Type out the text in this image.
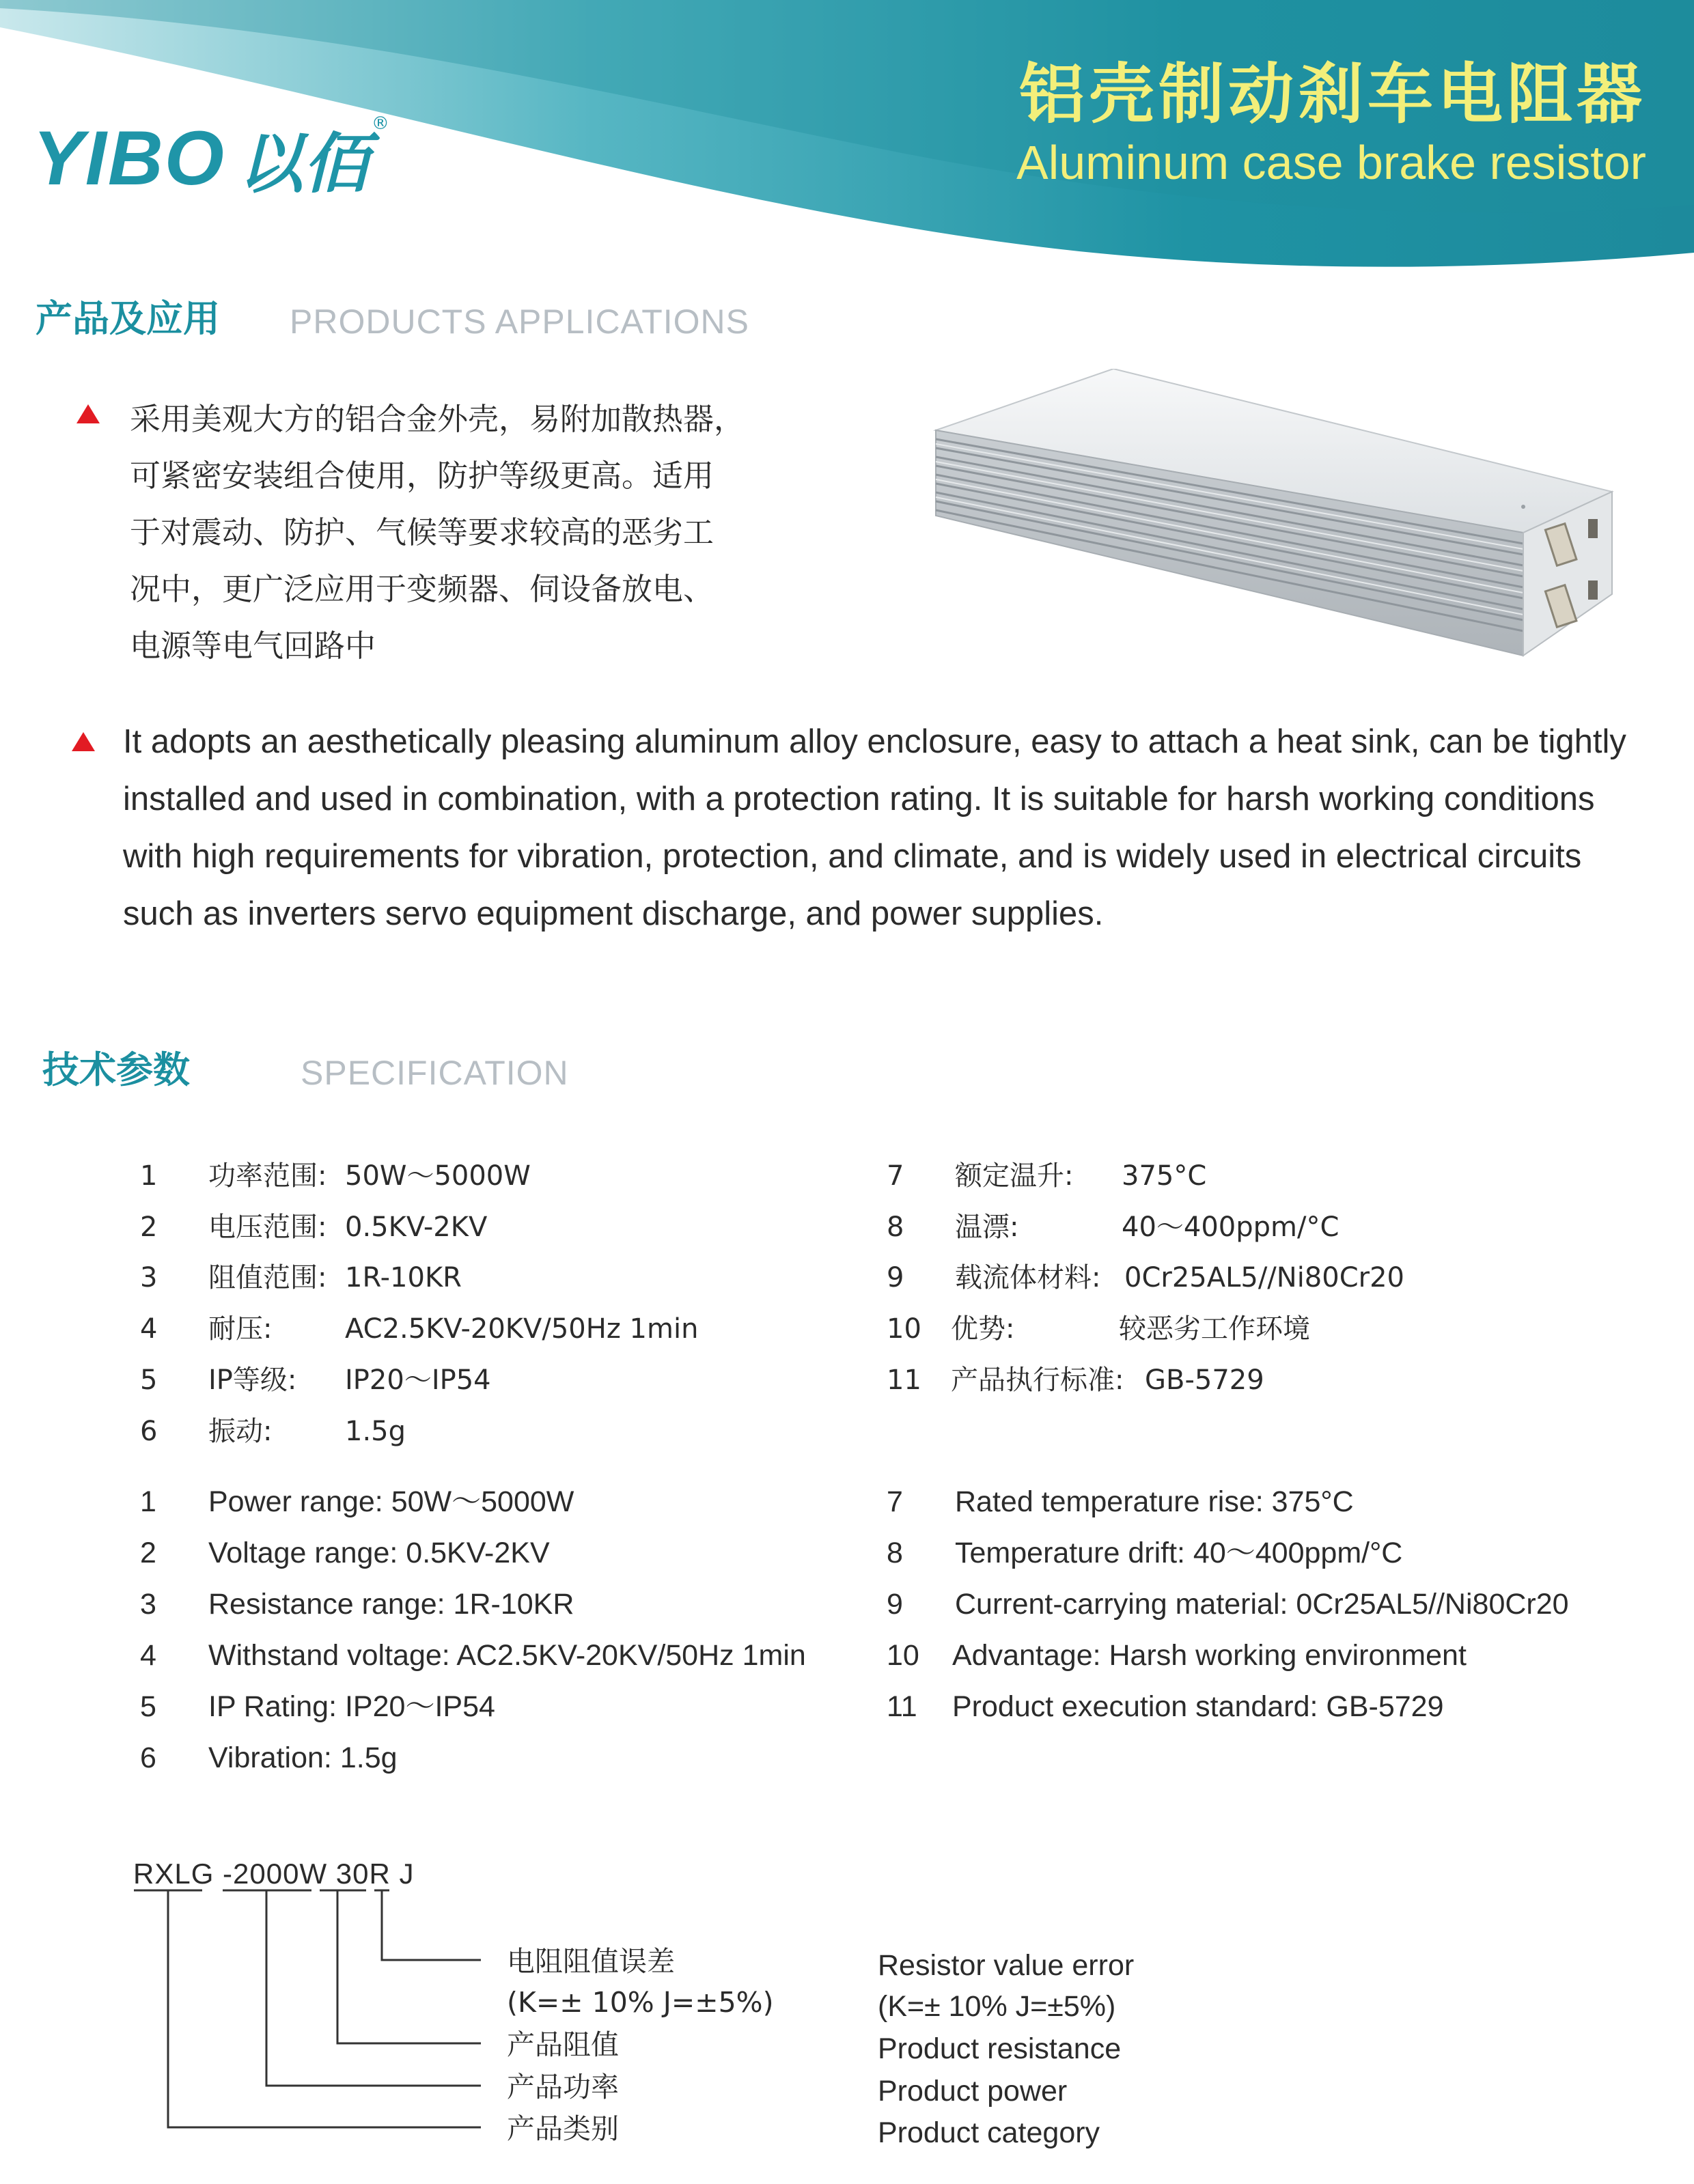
YIBO 以佰
®	铝壳制动刹车电阻器
Aluminum case brake resistor
产品及应用 PRODUCTS APPLICATIONS
采用美观大方的铝合金外壳，易附加散热器，
可紧密安装组合使用，防护等级更高。适用
于对震动、防护、气候等要求较高的恶劣工
况中，更广泛应用于变频器、伺设备放电、
电源等电气回路中
It adopts an aesthetically pleasing aluminum alloy enclosure, easy to attach a heat sink, can be tightly installed and used in combination, with a protection rating. It is suitable for harsh working conditions with high requirements for vibration, protection, and climate, and is widely used in electrical circuits such as inverters servo equipment discharge, and power supplies.
技术参数	SPECIFICATION
1 功率范围: 50W～5000W
2 电压范围: 0.5KV-2KV
3 阻值范围: 1R-10KR
4 耐压:	AC2.5KV-20KV/50Hz 1min
5 IP等级: IP20～IP54
6 振动:	1.5g
7 额定温升: 375°C
8 温漂:	40～400ppm/°C
9 载流体材料: 0Cr25AL5//Ni80Cr20
10 优势:	较恶劣工作环境
11 产品执行标准: GB-5729
1 Power range: 50W～5000W
2 Voltage range: 0.5KV-2KV
3 Resistance range: 1R-10KR
4 Withstand voltage: AC2.5KV-20KV/50Hz 1min
5 IP Rating: IP20～IP54
6 Vibration: 1.5g
7 Rated temperature rise: 375°C
8 Temperature drift: 40～400ppm/°C
9 Current-carrying material: 0Cr25AL5//Ni80Cr20
10 Advantage: Harsh working environment
11 Product execution standard: GB-5729
RXLG -2000W 30R J
电阻阻值误差
(K=± 10% J=±5%)
产品阻值
产品功率
产品类别
Resistor value error
(K=± 10% J=±5%)
Product resistance
Product power
Product category
